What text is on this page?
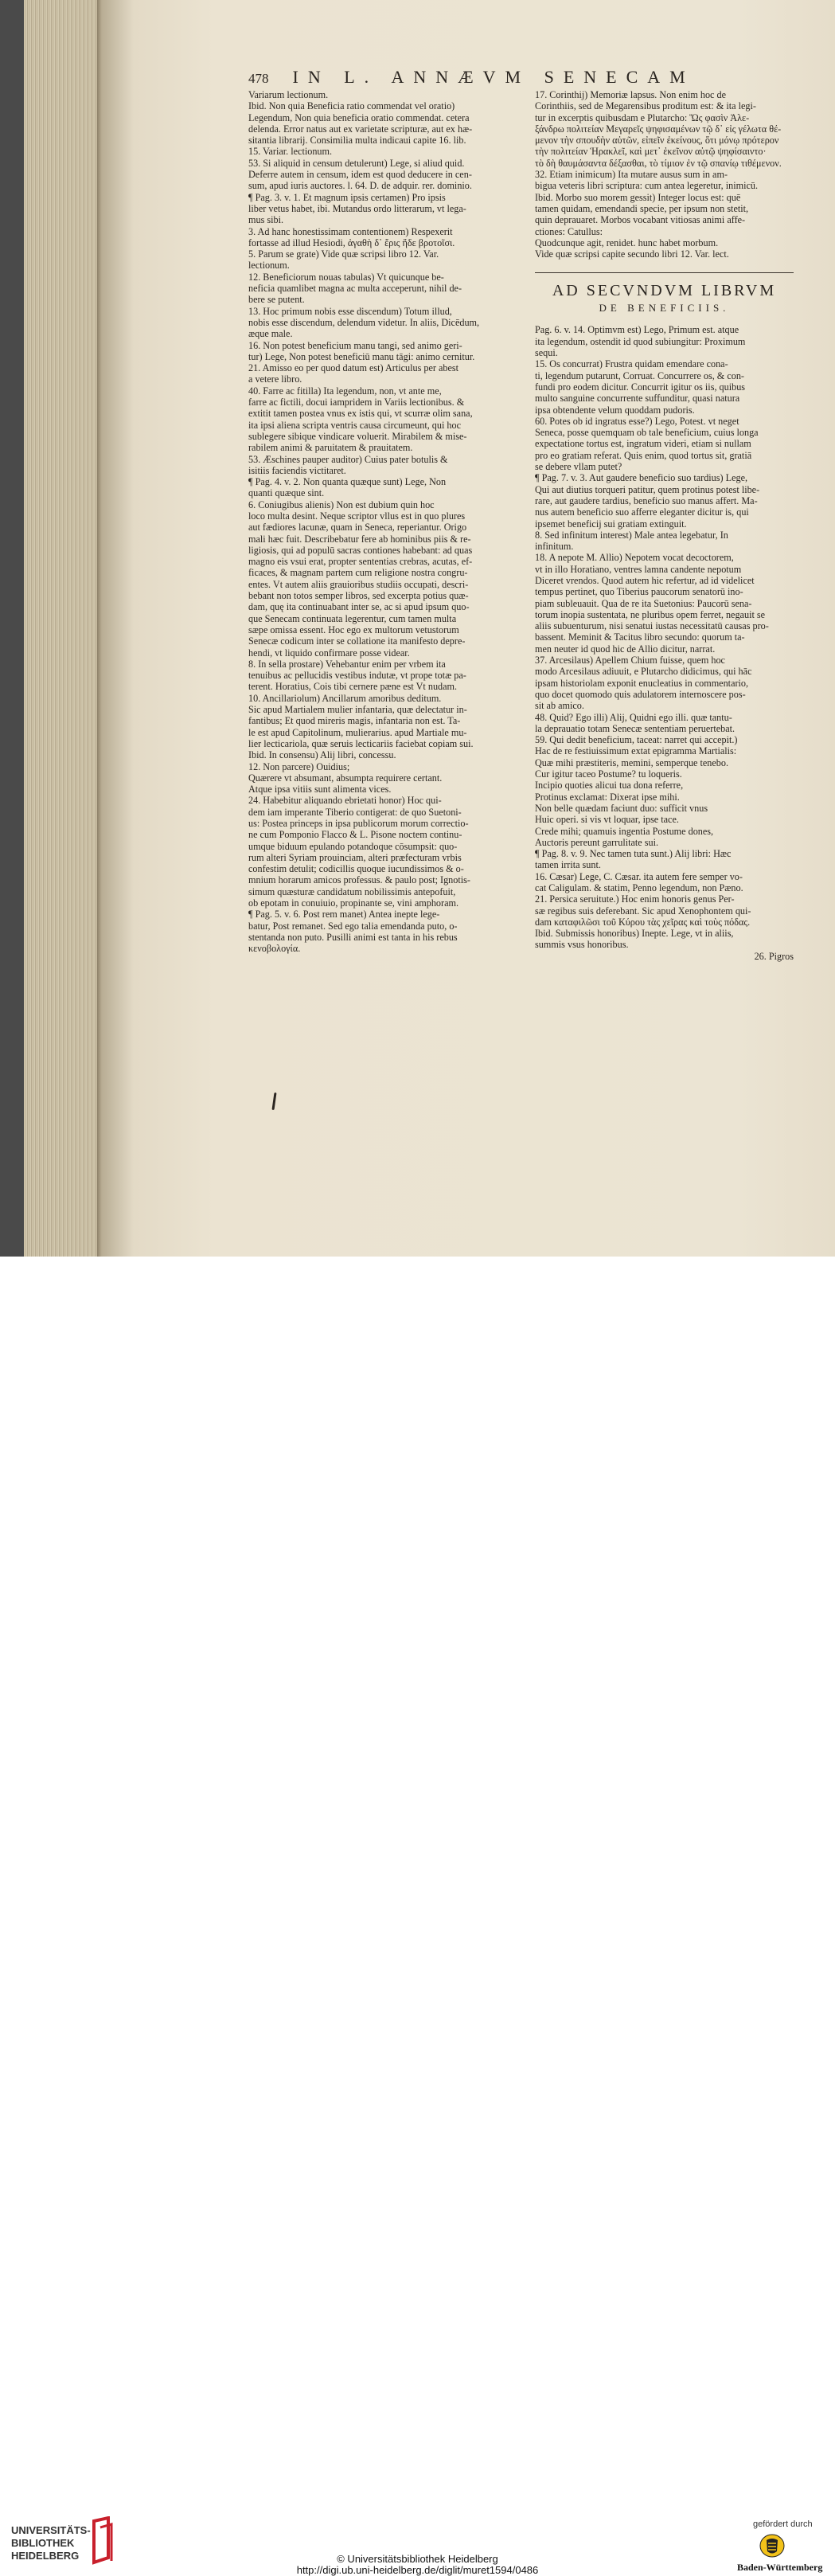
478 IN L. ANNÆVM SENECAM
Variarum lectionum.
Ibid. Non quia Beneficia ratio commendat vel oratio)
Legendum, Non quia beneficia oratio commendat. cetera
delenda. Error natus aut ex varietate scripturæ, aut ex hæ-
sitantia librarij. Consimilia multa indicaui capite 16. lib.
15. Variar. lectionum.
53. Si aliquid in censum detulerunt) Lege, si aliud quid.
Deferre autem in censum, idem est quod deducere in cen-
sum, apud iuris auctores. l. 64. D. de adquir. rer. dominio.
¶ Pag. 3. v. 1. Et magnum ipsis certamen) Pro ipsis
liber vetus habet, ibi. Mutandus ordo litterarum, vt lega-
mus sibi.
3. Ad hanc honestissimam contentionem) Respexerit
fortasse ad illud Hesiodi, ἀγαθὴ δ᾽ ἔρις ἥδε βροτοῖσι.
5. Parum se grate) Vide quæ scripsi libro 12. Var.
lectionum.
12. Beneficiorum nouas tabulas) Vt quicunque be-
neficia quamlibet magna ac multa acceperunt, nihil de-
bere se putent.
13. Hoc primum nobis esse discendum) Totum illud,
nobis esse discendum, delendum videtur. In aliis, Dicēdum,
æque male.
16. Non potest beneficium manu tangi, sed animo geri-
tur) Lege, Non potest beneficiū manu tāgi: animo cernitur.
21. Amisso eo per quod datum est) Articulus per abest
a vetere libro.
40. Farre ac fitilla) Ita legendum, non, vt ante me,
farre ac fictili, docui iampridem in Variis lectionibus. &
extitit tamen postea vnus ex istis qui, vt scurræ olim sana,
ita ipsi aliena scripta ventris causa circumeunt, qui hoc
sublegere sibique vindicare voluerit. Mirabilem & mise-
rabilem animi & paruitatem & prauitatem.
53. Æschines pauper auditor) Cuius pater botulis &
isitiis faciendis victitaret.
¶ Pag. 4. v. 2. Non quanta quæque sunt) Lege, Non
quanti quæque sint.
6. Coniugibus alienis) Non est dubium quin hoc
loco multa desint. Neque scriptor vllus est in quo plures
aut fædiores lacunæ, quam in Seneca, reperiantur. Origo
mali hæc fuit. Describebatur fere ab hominibus piis & re-
ligiosis, qui ad populū sacras contiones habebant: ad quas
magno eis vsui erat, propter sententias crebras, acutas, ef-
ficaces, & magnam partem cum religione nostra congru-
entes. Vt autem aliis grauioribus studiis occupati, descri-
bebant non totos semper libros, sed excerpta potius quæ-
dam, quę ita continuabant inter se, ac si apud ipsum quo-
que Senecam continuata legerentur, cum tamen multa
sæpe omissa essent. Hoc ego ex multorum vetustorum
Senecæ codicum inter se collatione ita manifesto depre-
hendi, vt liquido confirmare posse videar.
8. In sella prostare) Vehebantur enim per vrbem ita
tenuibus ac pellucidis vestibus indutæ, vt prope totæ pa-
terent. Horatius, Cois tibi cernere pæne est Vt nudam.
10. Ancillariolum) Ancillarum amoribus deditum.
Sic apud Martialem mulier infantaria, quæ delectatur in-
fantibus; Et quod mireris magis, infantaria non est. Ta-
le est apud Capitolinum, mulierarius. apud Martiale mu-
lier lecticariola, quæ seruis lecticariis faciebat copiam sui.
Ibid. In consensu) Alij libri, concessu.
12. Non parcere) Ouidius;
Quærere vt absumant, absumpta requirere certant.
Atque ipsa vitiis sunt alimenta vices.
24. Habebitur aliquando ebrietati honor) Hoc qui-
dem iam imperante Tiberio contigerat: de quo Suetoni-
us: Postea princeps in ipsa publicorum morum correctio-
ne cum Pomponio Flacco & L. Pisone noctem continu-
umque biduum epulando potandoque cōsumpsit: quo-
rum alteri Syriam prouinciam, alteri præfecturam vrbis
confestim detulit; codicillis quoque iucundissimos & o-
mnium horarum amicos professus. & paulo post; Ignotis-
simum quæsturæ candidatum nobilissimis antepofuit,
ob epotam in conuiuio, propinante se, vini amphoram.
¶ Pag. 5. v. 6. Post rem manet) Antea inepte lege-
batur, Post remanet. Sed ego talia emendanda puto, o-
stentanda non puto. Pusilli animi est tanta in his rebus
κενοβολογία.
17. Corinthij) Memoriæ lapsus. Non enim hoc de
Corinthiis, sed de Megarensibus proditum est: & ita legi-
tur in excerptis quibusdam e Plutarcho: Ὥς φασὶν Ἀλε-
ξάνδρω πολιτείαν Μεγαρεῖς ψηφισαμένων τῷ δ᾽ εἰς γέλωτα θέ-
μενον τὴν σπουδὴν αὐτῶν, εἰπεῖν ἐκείνους, ὅτι μόνῳ πρότερον
τὴν πολιτείαν Ἡρακλεῖ, καὶ μετ᾽ ἐκεῖνον αὐτῷ ψηφίσαιντο·
τὸ δὴ θαυμάσαντα δέξασθαι, τὸ τίμιον ἐν τῷ σπανίῳ τιθέμενον.
32. Etiam inimicum) Ita mutare ausus sum in am-
bigua veteris libri scriptura: cum antea legeretur, inimicū.
Ibid. Morbo suo morem gessit) Integer locus est: quē
tamen quidam, emendandi specie, per ipsum non stetit,
quin deprauaret. Morbos vocabant vitiosas animi affe-
ctiones: Catullus:
Quodcunque agit, renidet. hunc habet morbum.
Vide quæ scripsi capite secundo libri 12. Var. lect.
AD SECVNDVM LIBRVM
DE BENEFICIIS.
Pag. 6. v. 14. Optimvm est) Lego, Primum est. atque
ita legendum, ostendit id quod subiungitur: Proximum
sequi.
15. Os concurrat) Frustra quidam emendare cona-
ti, legendum putarunt, Corruat. Concurrere os, & con-
fundi pro eodem dicitur. Concurrit igitur os iis, quibus
multo sanguine concurrente suffunditur, quasi natura
ipsa obtendente velum quoddam pudoris.
60. Potes ob id ingratus esse?) Lego, Potest. vt neget
Seneca, posse quemquam ob tale beneficium, cuius longa
expectatione tortus est, ingratum videri, etiam si nullam
pro eo gratiam referat. Quis enim, quod tortus sit, gratiā
se debere vllam putet?
¶ Pag. 7. v. 3. Aut gaudere beneficio suo tardius) Lege,
Qui aut diutius torqueri patitur, quem protinus potest libe-
rare, aut gaudere tardius, beneficio suo manus affert. Ma-
nus autem beneficio suo afferre eleganter dicitur is, qui
ipsemet beneficij sui gratiam extinguit.
8. Sed infinitum interest) Male antea legebatur, In
infinitum.
18. A nepote M. Allio) Nepotem vocat decoctorem,
vt in illo Horatiano, ventres lamna candente nepotum
Diceret vrendos. Quod autem hic refertur, ad id videlicet
tempus pertinet, quo Tiberius paucorum senatorū ino-
piam subleuauit. Qua de re ita Suetonius: Paucorū sena-
torum inopia sustentata, ne pluribus opem ferret, negauit se
aliis subuenturum, nisi senatui iustas necessitatū causas pro-
bassent. Meminit & Tacitus libro secundo: quorum ta-
men neuter id quod hic de Allio dicitur, narrat.
37. Arcesilaus) Apellem Chium fuisse, quem hoc
modo Arcesilaus adiuuit, e Plutarcho didicimus, qui hāc
ipsam historiolam exponit enucleatius in commentario,
quo docet quomodo quis adulatorem internoscere pos-
sit ab amico.
48. Quid? Ego illi) Alij, Quidni ego illi. quæ tantu-
la deprauatio totam Senecæ sententiam peruertebat.
59. Qui dedit beneficium, taceat: narret qui accepit.)
Hac de re festiuissimum extat epigramma Martialis:
Quæ mihi præstiteris, memini, semperque tenebo.
Cur igitur taceo Postume? tu loqueris.
Incipio quoties alicui tua dona referre,
Protinus exclamat: Dixerat ipse mihi.
Non belle quædam faciunt duo: sufficit vnus
Huic operi. si vis vt loquar, ipse tace.
Crede mihi; quamuis ingentia Postume dones,
Auctoris pereunt garrulitate sui.
¶ Pag. 8. v. 9. Nec tamen tuta sunt.) Alij libri: Hæc
tamen irrita sunt.
16. Cæsar) Lege, C. Cæsar. ita autem fere semper vo-
cat Caligulam. & statim, Penno legendum, non Pæno.
21. Persica seruitute.) Hoc enim honoris genus Per-
sæ regibus suis deferebant. Sic apud Xenophontem qui-
dam καταφιλῶσι τοῦ Κύρου τὰς χεῖρας καὶ τοὺς πόδας.
Ibid. Submissis honoribus) Inepte. Lege, vt in aliis,
summis vsus honoribus.
26. Pigros
UNIVERSITÄTS-
BIBLIOTHEK
HEIDELBERG	© Universitätsbibliothek Heidelberg
http://digi.ub.uni-heidelberg.de/diglit/muret1594/0486
gefördert durch
Baden-Württemberg
